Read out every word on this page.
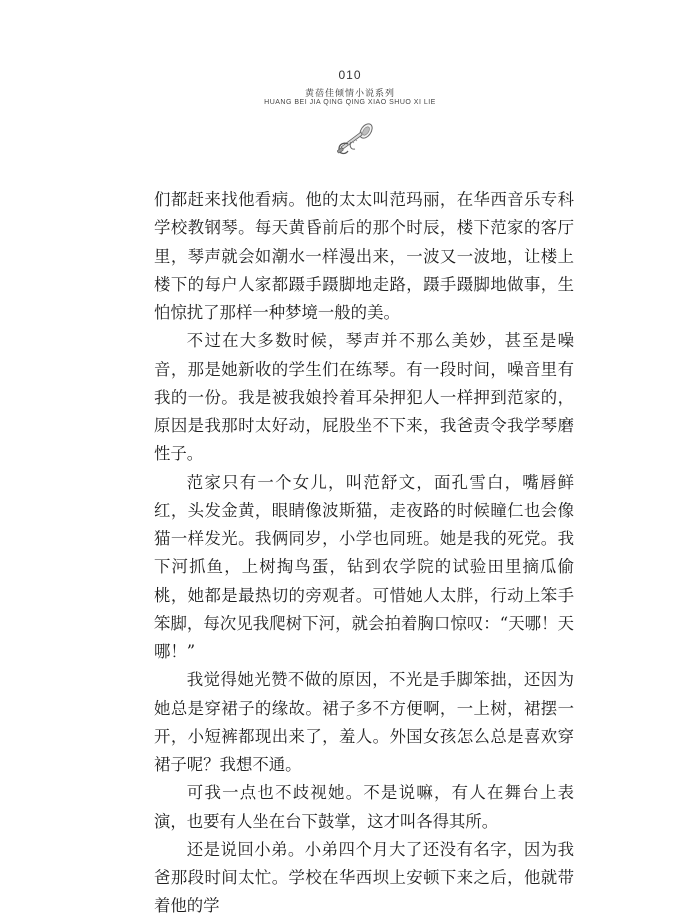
010
黄蓓佳倾情小说系列
HUANG BEI JIA QING QING XIAO SHUO XI LIE

们都赶来找他看病。他的太太叫范玛丽，在华西音乐专科学校教钢琴。每天黄昏前后的那个时辰，楼下范家的客厅里，琴声就会如潮水一样漫出来，一波又一波地，让楼上楼下的每户人家都蹑手蹑脚地走路，蹑手蹑脚地做事，生怕惊扰了那样一种梦境一般的美。

不过在大多数时候，琴声并不那么美妙，甚至是噪音，那是她新收的学生们在练琴。有一段时间，噪音里有我的一份。我是被我娘拎着耳朵押犯人一样押到范家的，原因是我那时太好动，屁股坐不下来，我爸责令我学琴磨性子。

范家只有一个女儿，叫范舒文，面孔雪白，嘴唇鲜红，头发金黄，眼睛像波斯猫，走夜路的时候瞳仁也会像猫一样发光。我俩同岁，小学也同班。她是我的死党。我下河抓鱼，上树掏鸟蛋，钻到农学院的试验田里摘瓜偷桃，她都是最热切的旁观者。可惜她人太胖，行动上笨手笨脚，每次见我爬树下河，就会拍着胸口惊叹：“天哪！天哪！”

我觉得她光赞不做的原因，不光是手脚笨拙，还因为她总是穿裙子的缘故。裙子多不方便啊，一上树，裙摆一开，小短裤都现出来了，羞人。外国女孩怎么总是喜欢穿裙子呢？我想不通。

可我一点也不歧视她。不是说嘛，有人在舞台上表演，也要有人坐在台下鼓掌，这才叫各得其所。

还是说回小弟。小弟四个月大了还没有名字，因为我爸那段时间太忙。学校在华西坝上安顿下来之后，他就带着他的学
